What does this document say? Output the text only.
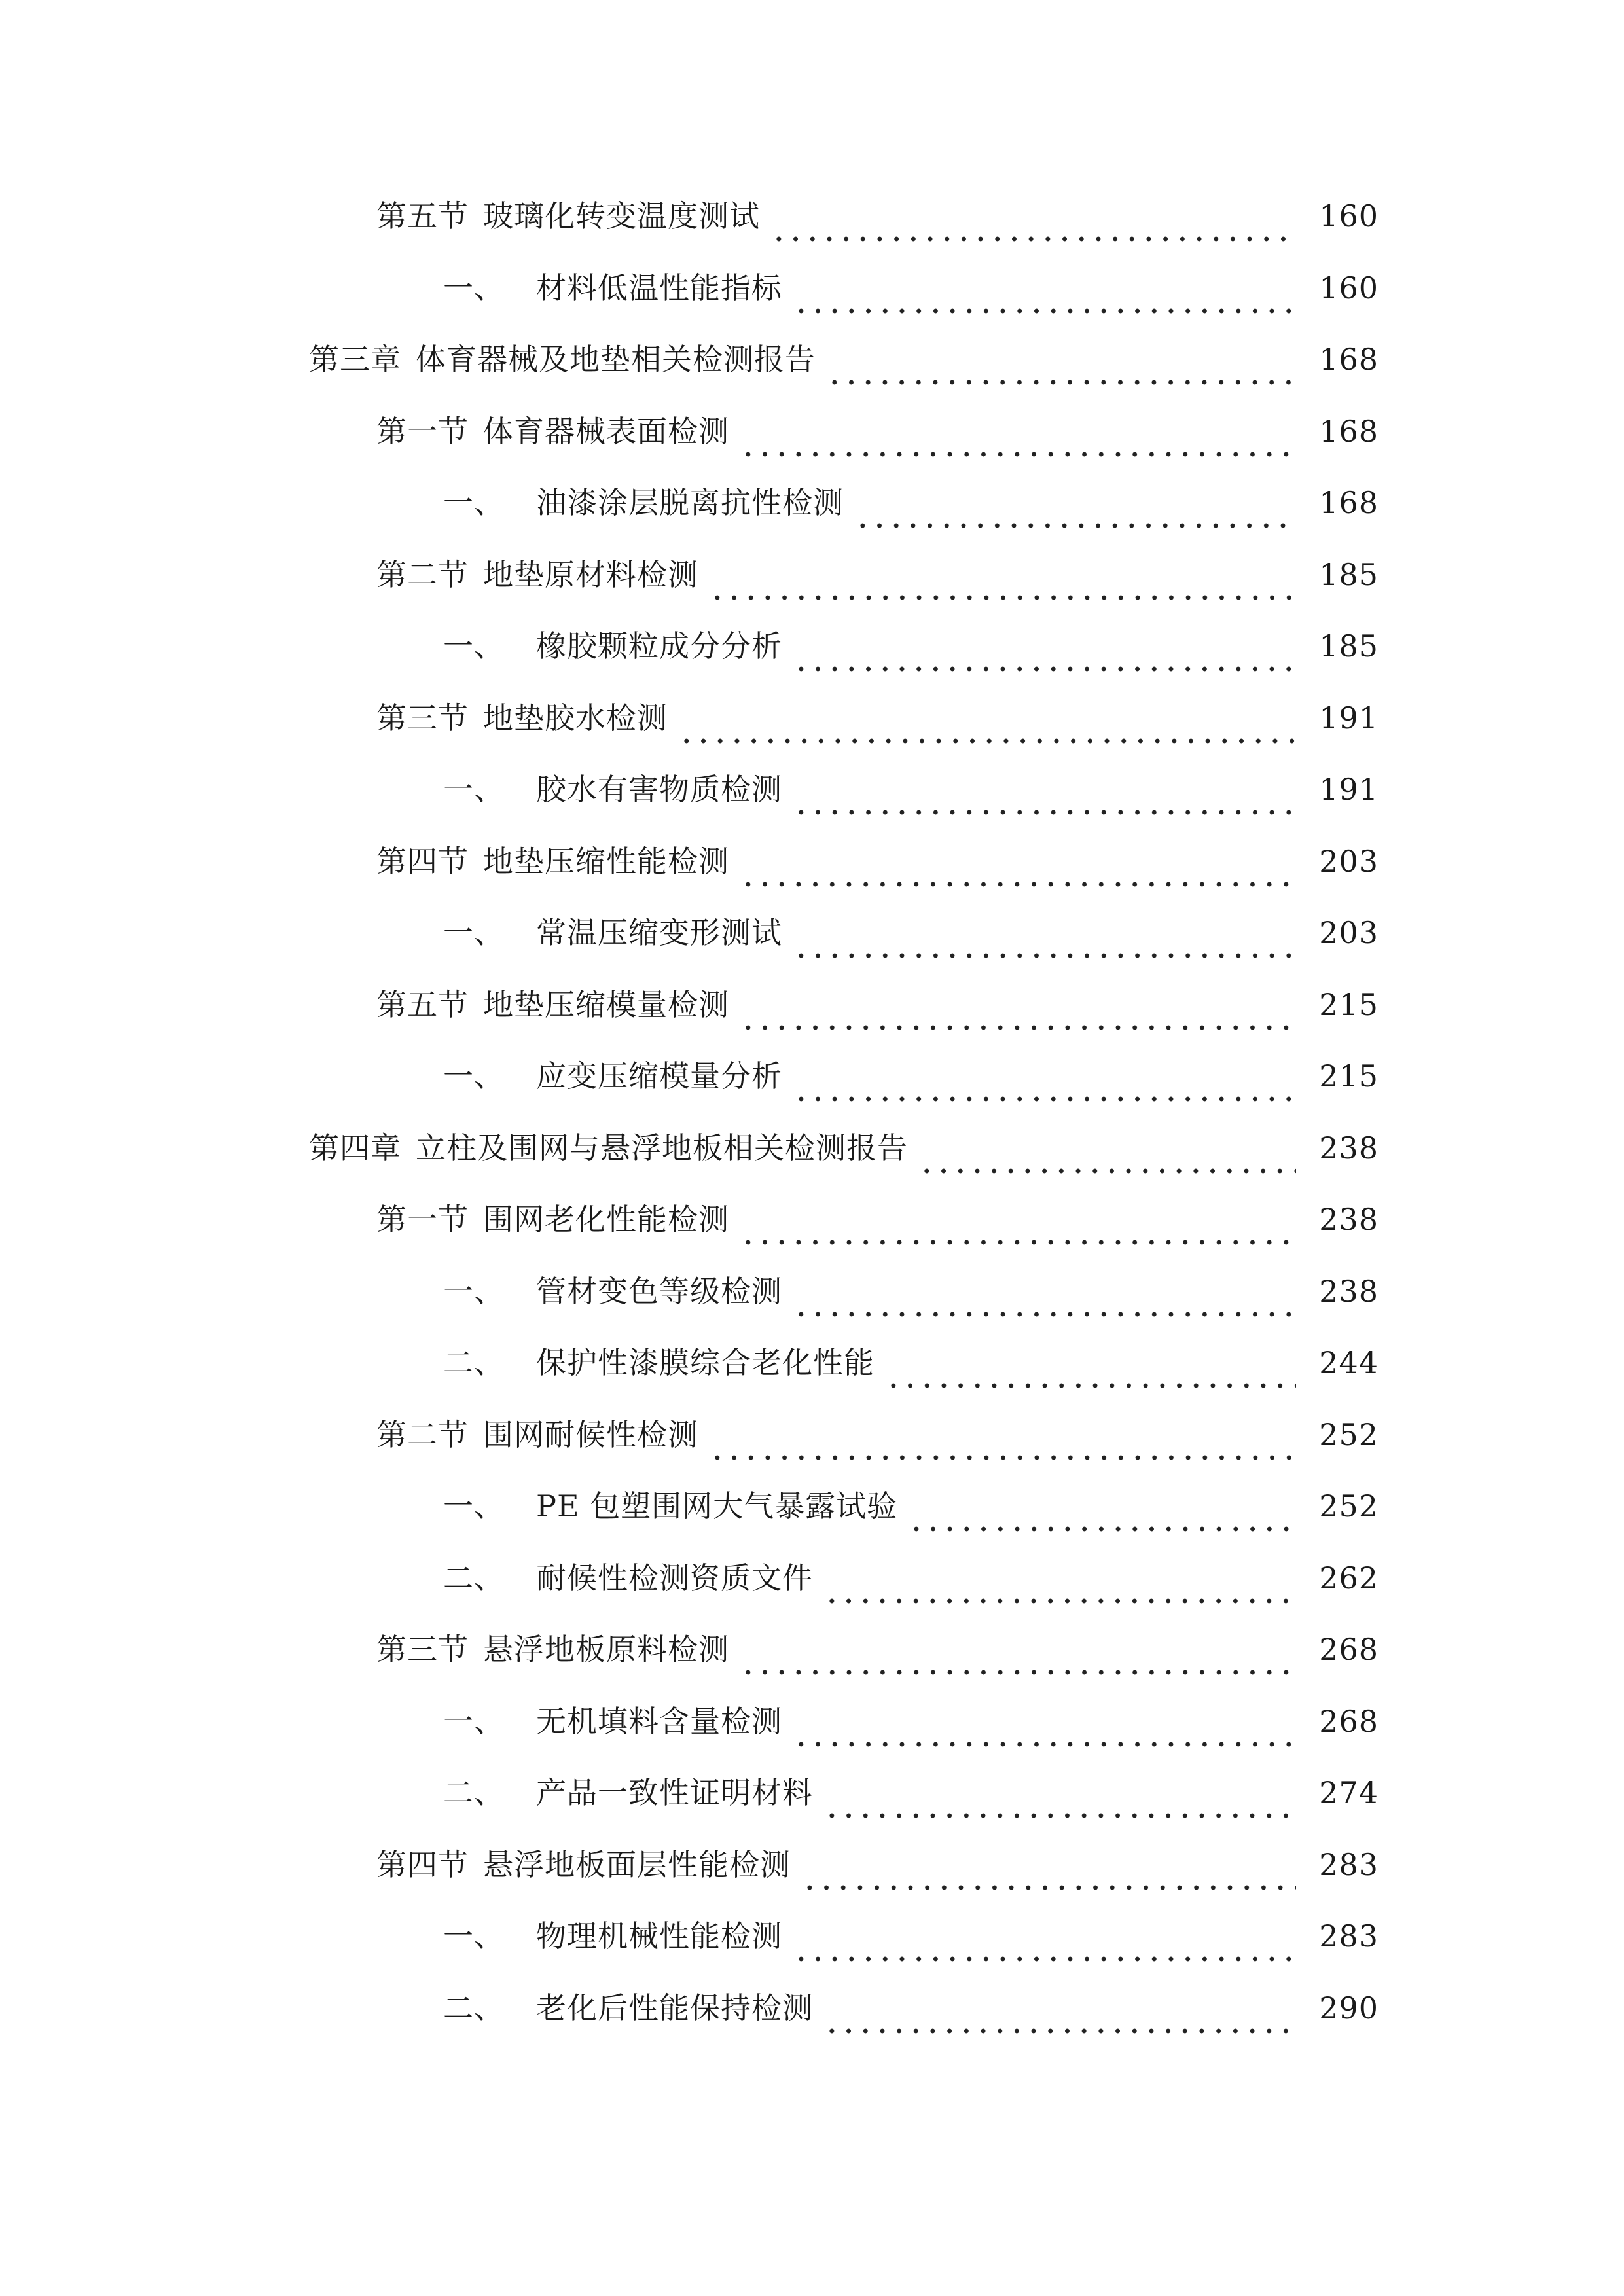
第五节 玻璃化转变温度测试	160
一、 材料低温性能指标	160
第三章 体育器械及地垫相关检测报告	168
第一节 体育器械表面检测	168
一、 油漆涂层脱离抗性检测	168
第二节 地垫原材料检测	185
一、 橡胶颗粒成分分析	185
第三节 地垫胶水检测	191
一、 胶水有害物质检测	191
第四节 地垫压缩性能检测	203
一、 常温压缩变形测试	203
第五节 地垫压缩模量检测	215
一、 应变压缩模量分析	215
第四章 立柱及围网与悬浮地板相关检测报告	238
第一节 围网老化性能检测	238
一、 管材变色等级检测	238
二、 保护性漆膜综合老化性能	244
第二节 围网耐候性检测	252
一、 PE 包塑围网大气暴露试验	252
二、 耐候性检测资质文件	262
第三节 悬浮地板原料检测	268
一、 无机填料含量检测	268
二、 产品一致性证明材料	274
第四节 悬浮地板面层性能检测	283
一、 物理机械性能检测	283
二、 老化后性能保持检测	290
